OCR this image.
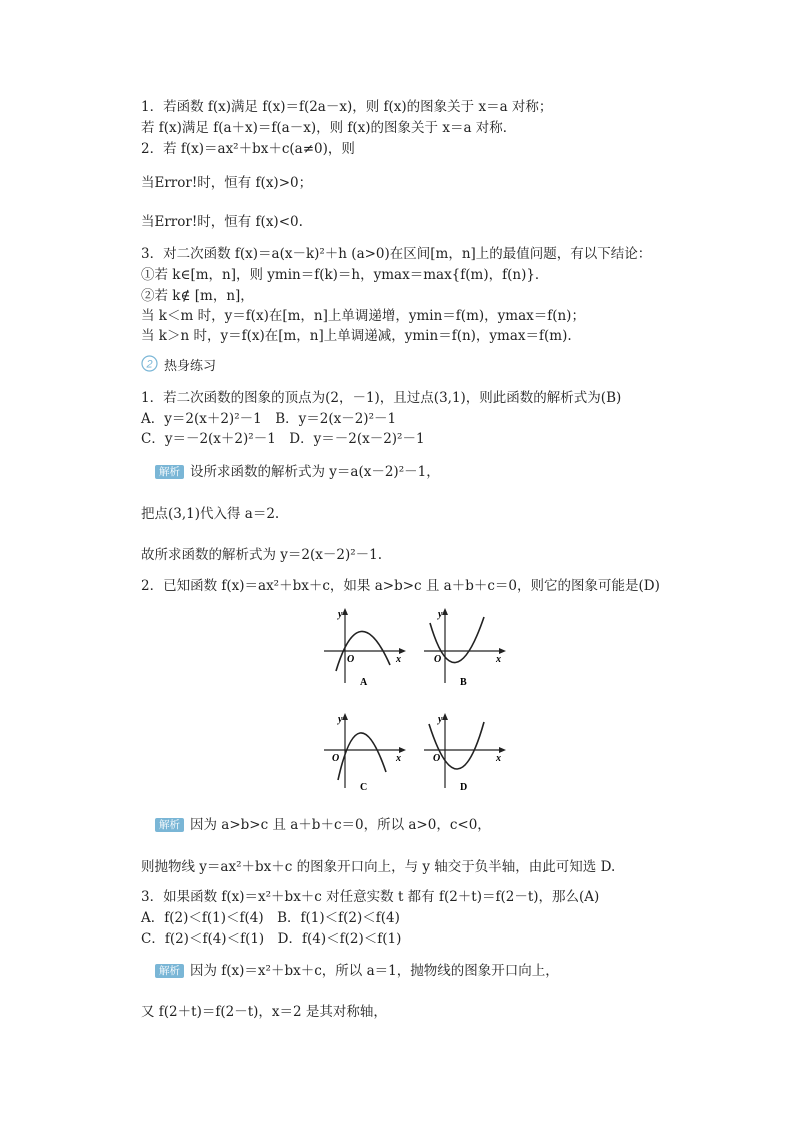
1．若函数 f(x)满足 f(x)＝f(2a－x)，则 f(x)的图象关于 x＝a 对称；
若 f(x)满足 f(a＋x)＝f(a－x)，则 f(x)的图象关于 x＝a 对称．
2．若 f(x)＝ax²＋bx＋c(a≠0)，则
当Error!时，恒有 f(x)>0；
当Error!时，恒有 f(x)<0.
3．对二次函数 f(x)＝a(x－k)²＋h (a>0)在区间[m，n]上的最值问题，有以下结论：
①若 k∈[m，n]，则 ymin＝f(k)＝h，ymax＝max{f(m)，f(n)}．
②若 k∉ [m，n]，
当 k＜m 时，y＝f(x)在[m，n]上单调递增，ymin＝f(m)，ymax＝f(n)；
当 k＞n 时，y＝f(x)在[m，n]上单调递减，ymin＝f(n)，ymax＝f(m).
2 热身练习
1．若二次函数的图象的顶点为(2，－1)，且过点(3,1)，则此函数的解析式为(B)
A．y＝2(x＋2)²－1　B．y＝2(x－2)²－1
C．y＝－2(x＋2)²－1　D．y＝－2(x－2)²－1
解析 设所求函数的解析式为 y＝a(x－2)²－1，
把点(3,1)代入得 a＝2.
故所求函数的解析式为 y＝2(x－2)²－1.
2．已知函数 f(x)＝ax²＋bx＋c，如果 a>b>c 且 a＋b＋c＝0，则它的图象可能是(D)
y
x
O
A
y
x
O
B
y
x
O
C
y
x
O
D
解析 因为 a>b>c 且 a＋b＋c＝0，所以 a>0，c<0，
则抛物线 y＝ax²＋bx＋c 的图象开口向上，与 y 轴交于负半轴，由此可知选 D.
3．如果函数 f(x)＝x²＋bx＋c 对任意实数 t 都有 f(2＋t)＝f(2－t)，那么(A)
A．f(2)＜f(1)＜f(4)　B．f(1)＜f(2)＜f(4)
C．f(2)＜f(4)＜f(1)　D．f(4)＜f(2)＜f(1)
解析 因为 f(x)＝x²＋bx＋c，所以 a＝1，抛物线的图象开口向上，
又 f(2＋t)＝f(2－t)，x＝2 是其对称轴，
